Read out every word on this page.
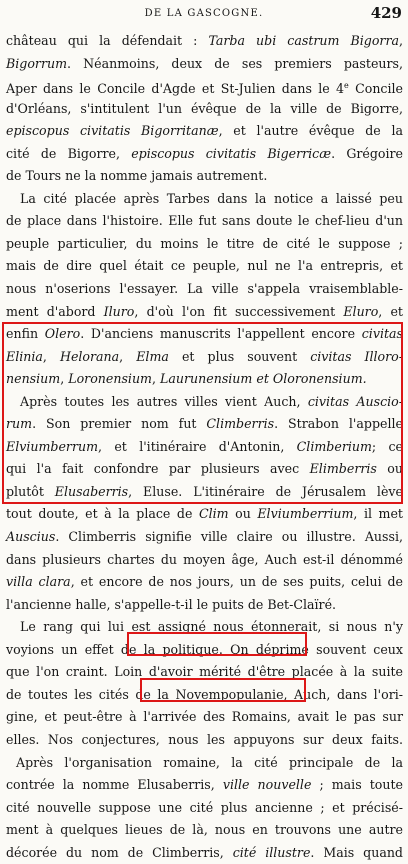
DE LA GASCOGNE.	429
château qui la défendait : Tarba ubi castrum Bigorra,
Bigorrum. Néanmoins, deux de ses premiers pasteurs,
Aper dans le Concile d'Agde et St-Julien dans le 4e Concile
d'Orléans, s'intitulent l'un évêque de la ville de Bigorre,
episcopus civitatis Bigorritanæ, et l'autre évêque de la
cité de Bigorre, episcopus civitatis Bigerricæ. Grégoire
de Tours ne la nomme jamais autrement.
La cité placée après Tarbes dans la notice a laissé peu
de place dans l'histoire. Elle fut sans doute le chef-lieu d'un
peuple particulier, du moins le titre de cité le suppose ;
mais de dire quel était ce peuple, nul ne l'a entrepris, et
nous n'oserions l'essayer. La ville s'appela vraisemblable-
ment d'abord Iluro, d'où l'on fit successivement Eluro, et
enfin Olero. D'anciens manuscrits l'appellent encore civitas
Elinia, Helorana, Elma et plus souvent civitas Illoro-
nensium, Loronensium, Laurunensium et Oloronensium.
Après toutes les autres villes vient Auch, civitas Auscio-
rum. Son premier nom fut Climberris. Strabon l'appelle
Elviumberrum, et l'itinéraire d'Antonin, Climberium; ce
qui l'a fait confondre par plusieurs avec Elimberris ou
plutôt Elusaberris, Eluse. L'itinéraire de Jérusalem lève
tout doute, et à la place de Clim ou Elviumberrium, il met
Auscius. Climberris signifie ville claire ou illustre. Aussi,
dans plusieurs chartes du moyen âge, Auch est-il dénommé
villa clara, et encore de nos jours, un de ses puits, celui de
l'ancienne halle, s'appelle-t-il le puits de Bet-Claïré.
Le rang qui lui est assigné nous étonnerait, si nous n'y
voyions un effet de la politique. On déprime souvent ceux
que l'on craint. Loin d'avoir mérité d'être placée à la suite
de toutes les cités de la Novempopulanie, Auch, dans l'ori-
gine, et peut-être à l'arrivée des Romains, avait le pas sur
elles. Nos conjectures, nous les appuyons sur deux faits.
Après l'organisation romaine, la cité principale de la
contrée la nomme Elusaberris, ville nouvelle ; mais toute
cité nouvelle suppose une cité plus ancienne ; et précisé-
ment à quelques lieues de là, nous en trouvons une autre
décorée du nom de Climberris, cité illustre. Mais quand
